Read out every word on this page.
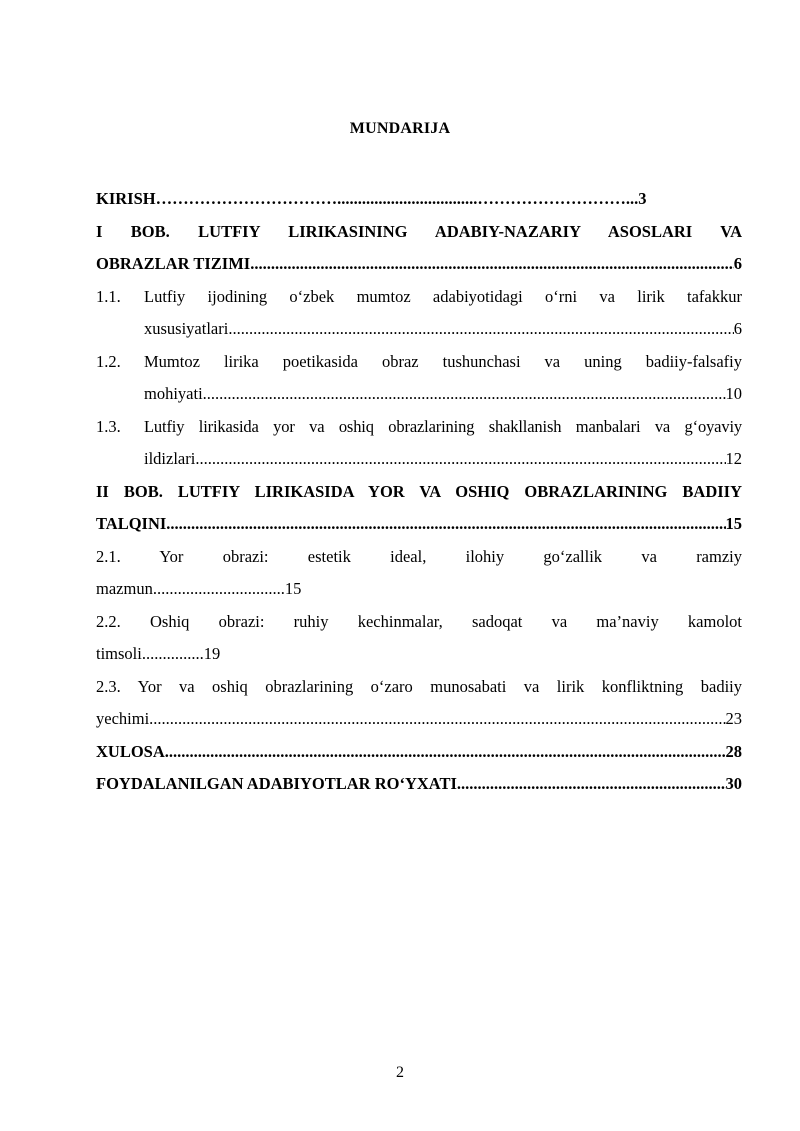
MUNDARIJA
KIRISH……………………………..................................………………………...3
I BOB. LUTFIY LIRIKASINING ADABIY-NAZARIY ASOSLARI VA
OBRAZLAR TIZIMI .....	6
1.1. Lutfiy ijodining o‘zbek mumtoz adabiyotidagi o‘rni va lirik tafakkur
xususiyatlari .....	6
1.2. Mumtoz lirika poetikasida obraz tushunchasi va uning badiiy-falsafiy
mohiyati .....	10
1.3. Lutfiy lirikasida yor va oshiq obrazlarining shakllanish manbalari va g‘oyaviy
ildizlari .....	12
II BOB. LUTFIY LIRIKASIDA YOR VA OSHIQ OBRAZLARINING BADIIY
TALQINI .....	15
2.1. Yor obrazi: estetik ideal, ilohiy go‘zallik va ramziy
mazmun................................15
2.2. Oshiq obrazi: ruhiy kechinmalar, sadoqat va ma’naviy kamolot
timsoli...............19
2.3. Yor va oshiq obrazlarining o‘zaro munosabati va lirik konfliktning badiiy
yechimi .....	23
XULOSA .....	28
FOYDALANILGAN ADABIYOTLAR RO‘YXATI .....	30
2
